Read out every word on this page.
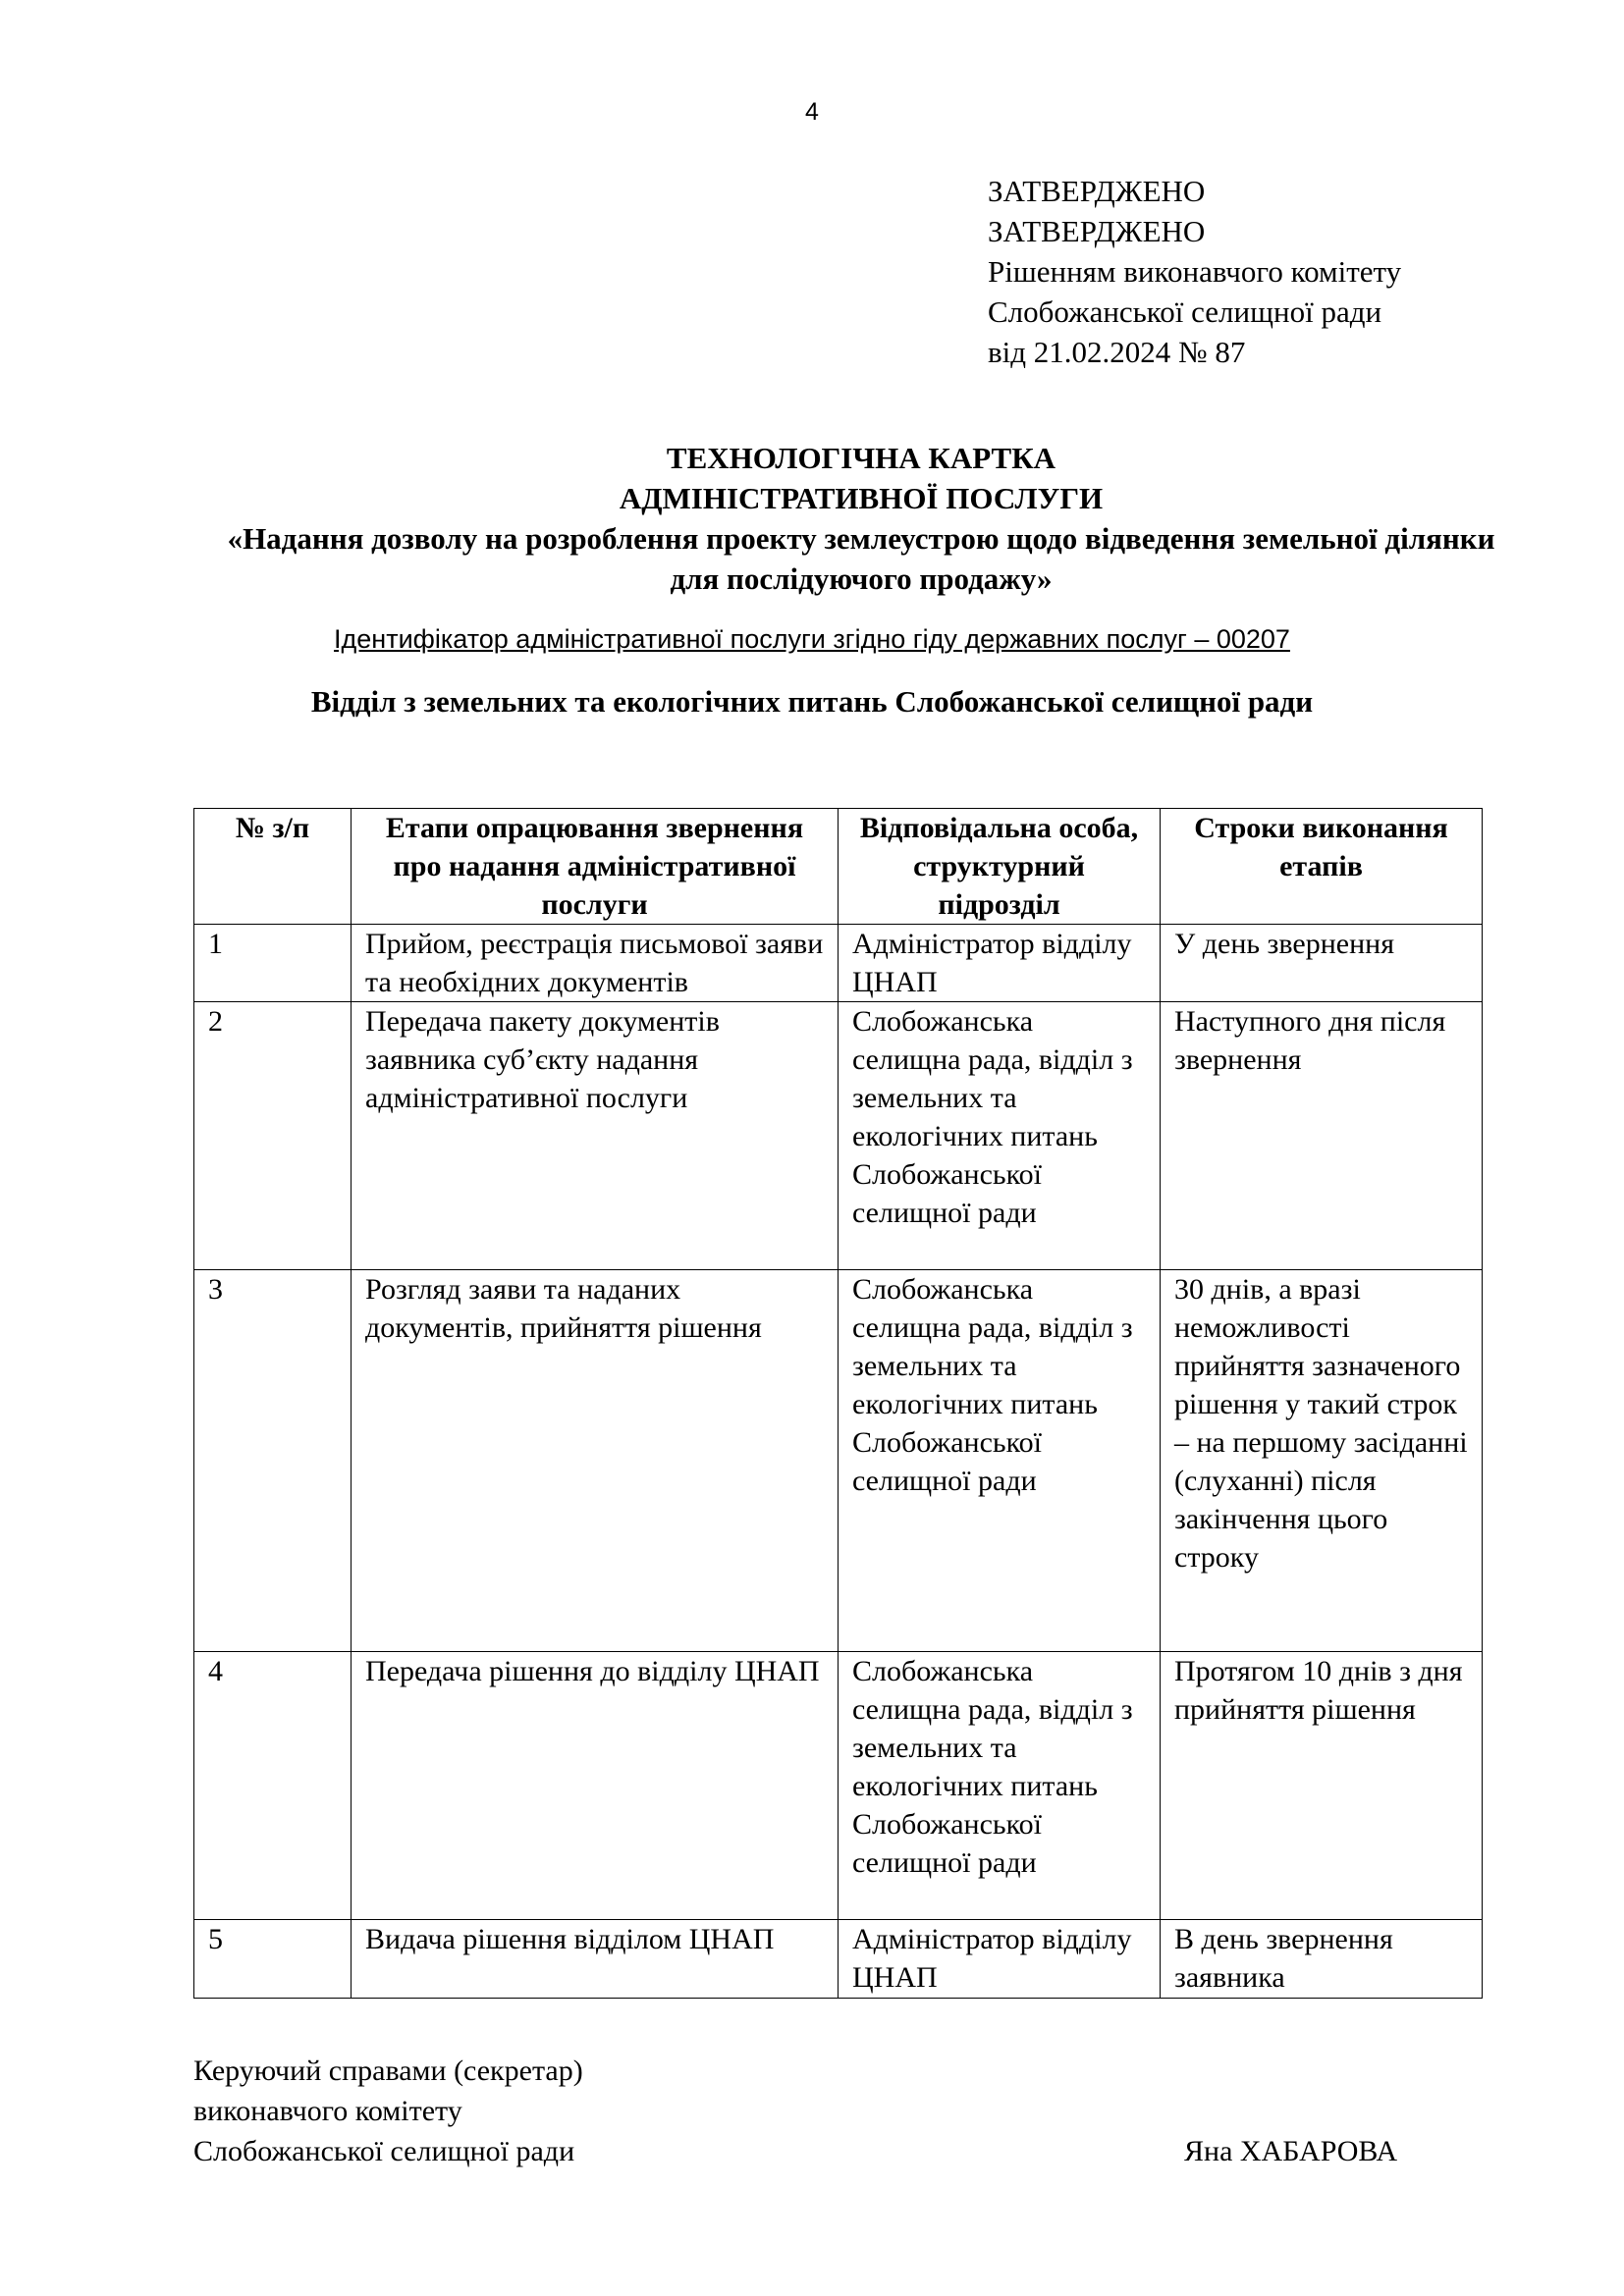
4
ЗАТВЕРДЖЕНО
ЗАТВЕРДЖЕНО
Рішенням виконавчого комітету
Слобожанської селищної ради
від 21.02.2024 № 87
ТЕХНОЛОГІЧНА КАРТКА
АДМІНІСТРАТИВНОЇ ПОСЛУГИ
«Надання дозволу на розроблення проекту землеустрою щодо відведення земельної ділянки для послідуючого продажу»
Ідентифікатор адміністративної послуги згідно гіду державних послуг – 00207
Відділ з земельних та екологічних питань Слобожанської селищної ради
№ з/п	Етапи опрацювання звернення про надання адміністративної послуги	Відповідальна особа, структурний підрозділ	Строки виконання етапів
1	Прийом, реєстрація письмової заяви та необхідних документів	Адміністратор відділу ЦНАП	У день звернення
2	Передача пакету документів заявника суб’єкту надання адміністративної послуги	Слобожанська селищна рада, відділ з земельних та екологічних питань Слобожанської селищної ради	Наступного дня після звернення
3	Розгляд заяви та наданих документів, прийняття рішення	Слобожанська селищна рада, відділ з земельних та екологічних питань Слобожанської селищної ради	30 днів, а вразі неможливості прийняття зазначеного рішення у такий строк – на першому засіданні (слуханні) після закінчення цього строку
4	Передача рішення до відділу ЦНАП	Слобожанська селищна рада, відділ з земельних та екологічних питань Слобожанської селищної ради	Протягом 10 днів з дня прийняття рішення
5	Видача рішення відділом ЦНАП	Адміністратор відділу ЦНАП	В день звернення заявника
Керуючий справами (секретар)
виконавчого комітету
Слобожанської селищної ради	Яна ХАБАРОВА
